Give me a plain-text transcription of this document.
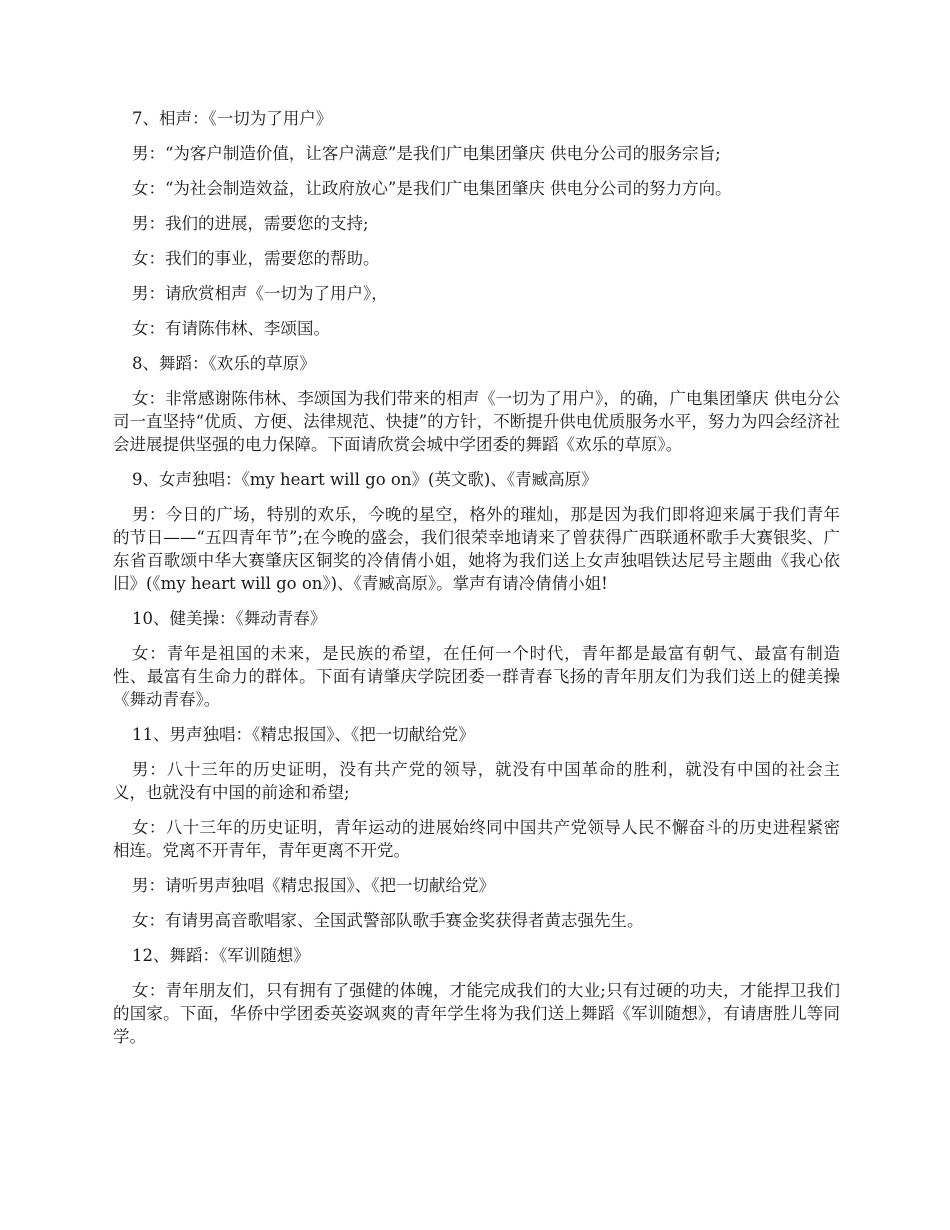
7、相声：《一切为了用户》

男：“为客户制造价值，让客户满意”是我们广电集团肇庆 供电分公司的服务宗旨;

女：“为社会制造效益，让政府放心”是我们广电集团肇庆 供电分公司的努力方向。

男：我们的进展，需要您的支持;

女：我们的事业，需要您的帮助。

男：请欣赏相声《一切为了用户》，

女：有请陈伟林、李颂国。

8、舞蹈：《欢乐的草原》

女：非常感谢陈伟林、李颂国为我们带来的相声《一切为了用户》，的确，广电集团肇庆 供电分公司一直坚持“优质、方便、法律规范、快捷”的方针，不断提升供电优质服务水平，努力为四会经济社会进展提供坚强的电力保障。下面请欣赏会城中学团委的舞蹈《欢乐的草原》。

9、女声独唱：《my heart will go on》(英文歌)、《青臧高原》

男：今日的广场，特别的欢乐，今晚的星空，格外的璀灿，那是因为我们即将迎来属于我们青年的节日——“五四青年节”;在今晚的盛会，我们很荣幸地请来了曾获得广西联通杯歌手大赛银奖、广东省百歌颂中华大赛肇庆区铜奖的冷倩倩小姐，她将为我们送上女声独唱铁达尼号主题曲《我心依旧》(《my heart will go on》)、《青臧高原》。掌声有请冷倩倩小姐!

10、健美操：《舞动青春》

女：青年是祖国的未来，是民族的希望，在任何一个时代，青年都是最富有朝气、最富有制造性、最富有生命力的群体。下面有请肇庆学院团委一群青春飞扬的青年朋友们为我们送上的健美操《舞动青春》。

11、男声独唱：《精忠报国》、《把一切献给党》

男：八十三年的历史证明，没有共产党的领导，就没有中国革命的胜利，就没有中国的社会主义，也就没有中国的前途和希望;

女：八十三年的历史证明，青年运动的进展始终同中国共产党领导人民不懈奋斗的历史进程紧密相连。党离不开青年，青年更离不开党。

男：请听男声独唱《精忠报国》、《把一切献给党》

女：有请男高音歌唱家、全国武警部队歌手赛金奖获得者黄志强先生。

12、舞蹈：《军训随想》

女：青年朋友们，只有拥有了强健的体魄，才能完成我们的大业;只有过硬的功夫，才能捍卫我们的国家。下面，华侨中学团委英姿飒爽的青年学生将为我们送上舞蹈《军训随想》，有请唐胜儿等同学。
